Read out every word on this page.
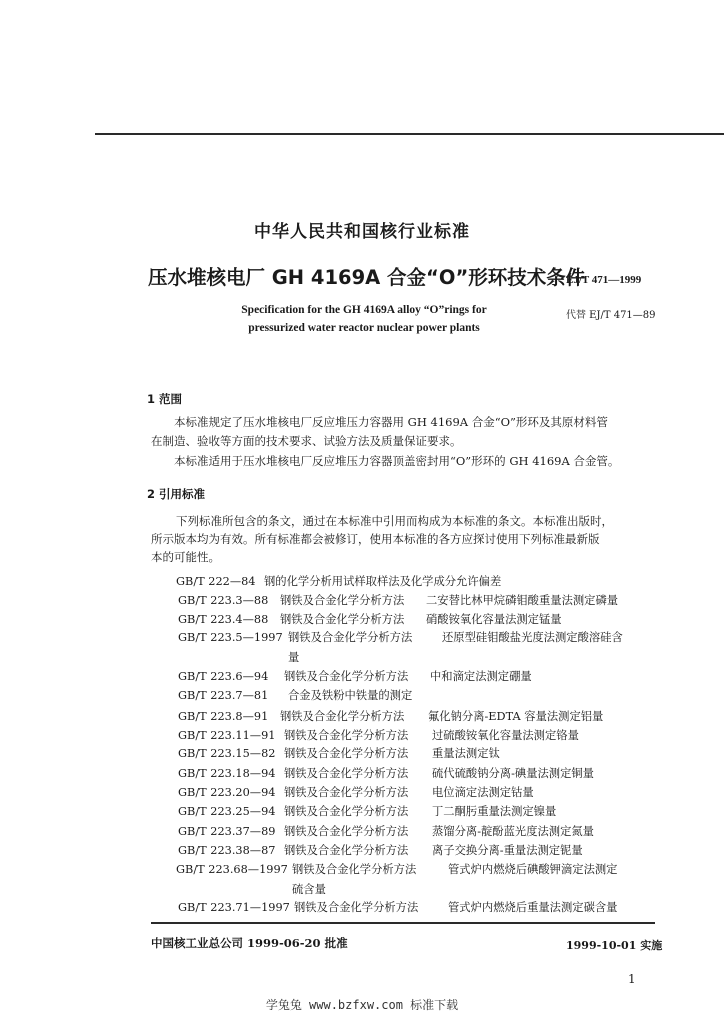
中华人民共和国核行业标准
压水堆核电厂 GH 4169A 合金“O”形环技术条件
EJ/T 471—1999
Specification for the GH 4169A alloy “O”rings for
pressurized water reactor nuclear power plants
代替 EJ/T 471—89
1 范围
本标准规定了压水堆核电厂反应堆压力容器用 GH 4169A 合金“O”形环及其原材料管
在制造、验收等方面的技术要求、试验方法及质量保证要求。
本标准适用于压水堆核电厂反应堆压力容器顶盖密封用“O”形环的 GH 4169A 合金管。
2 引用标准
下列标准所包含的条文，通过在本标准中引用而构成为本标准的条文。本标准出版时，
所示版本均为有效。所有标准都会被修订，使用本标准的各方应探讨使用下列标准最新版
本的可能性。
GB/T 222—84 钢的化学分析用试样取样法及化学成分允许偏差
GB/T 223.3—88 钢铁及合金化学分析方法 二安替比林甲烷磷钼酸重量法测定磷量
GB/T 223.4—88 钢铁及合金化学分析方法 硝酸铵氧化容量法测定锰量
GB/T 223.5—1997 钢铁及合金化学分析方法	还原型硅钼酸盐光度法测定酸溶硅含
量
GB/T 223.6—94 钢铁及合金化学分析方法 中和滴定法测定硼量
GB/T 223.7—81 合金及铁粉中铁量的测定
GB/T 223.8—91 钢铁及合金化学分析方法 氟化钠分离-EDTA 容量法测定铝量
GB/T 223.11—91 钢铁及合金化学分析方法 过硫酸铵氧化容量法测定铬量
GB/T 223.15—82 钢铁及合金化学分析方法 重量法测定钛
GB/T 223.18—94 钢铁及合金化学分析方法 硫代硫酸钠分离-碘量法测定铜量
GB/T 223.20—94 钢铁及合金化学分析方法 电位滴定法测定钴量
GB/T 223.25—94 钢铁及合金化学分析方法 丁二酮肟重量法测定镍量
GB/T 223.37—89 钢铁及合金化学分析方法 蒸馏分离-靛酚蓝光度法测定氮量
GB/T 223.38—87 钢铁及合金化学分析方法 离子交换分离-重量法测定铌量
GB/T 223.68—1997 钢铁及合金化学分析方法	管式炉内燃烧后碘酸钾滴定法测定
硫含量
GB/T 223.71—1997 钢铁及合金化学分析方法	管式炉内燃烧后重量法测定碳含量
中国核工业总公司 1999-06-20 批准	1999-10-01 实施
1
学兔兔 www.bzfxw.com 标准下载
